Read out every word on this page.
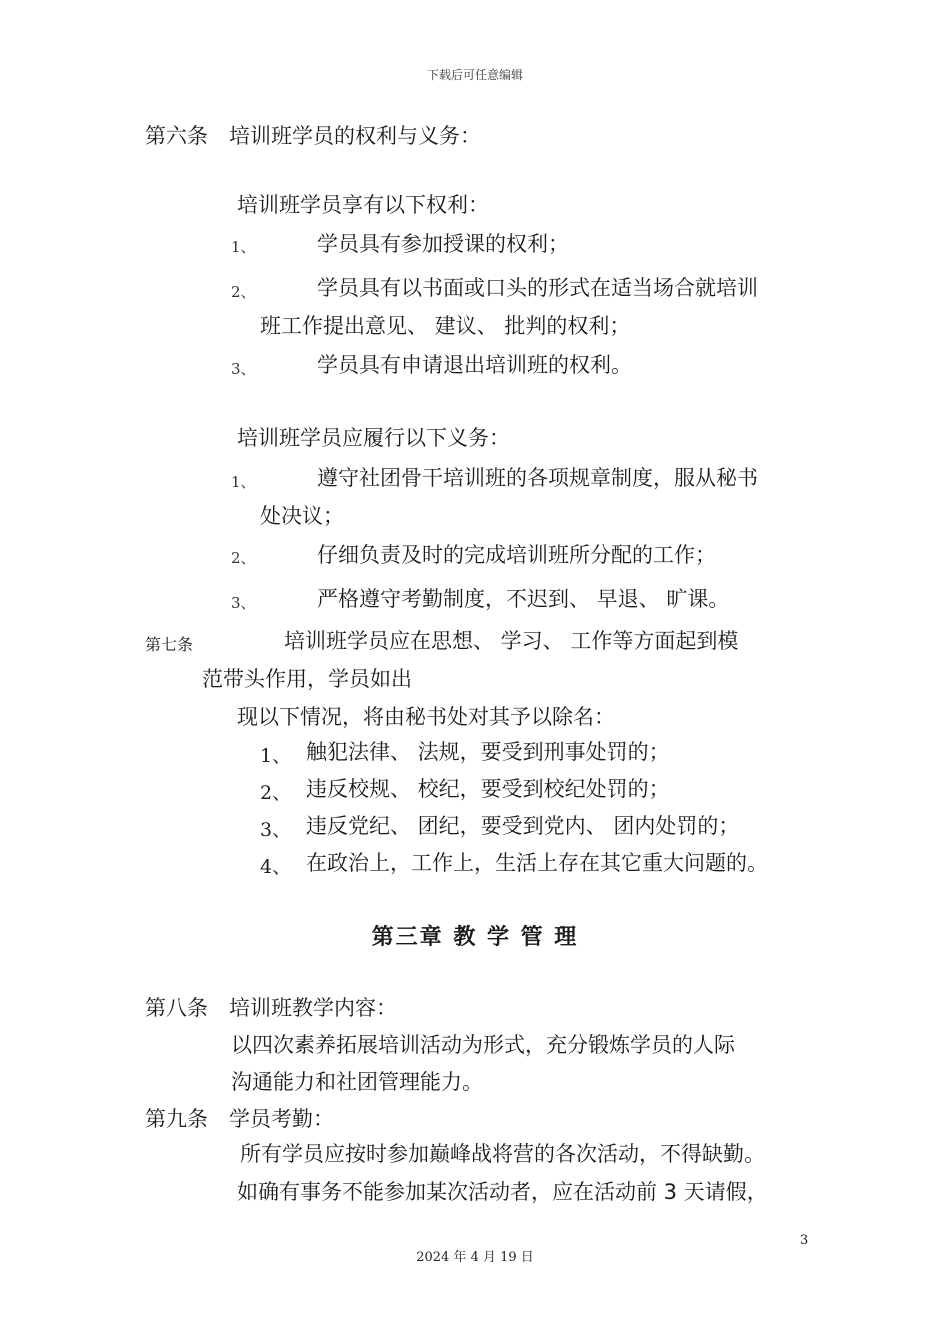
下载后可任意编辑
第六条　培训班学员的权利与义务：
培训班学员享有以下权利：
1、	学员具有参加授课的权利；
2、	学员具有以书面或口头的形式在适当场合就培训
班工作提出意见、 建议、 批判的权利；
3、	学员具有申请退出培训班的权利。
培训班学员应履行以下义务：
1、	遵守社团骨干培训班的各项规章制度，服从秘书
处决议；
2、	仔细负责及时的完成培训班所分配的工作；
3、	严格遵守考勤制度，不迟到、 早退、 旷课。
第七条	培训班学员应在思想、 学习、 工作等方面起到模
范带头作用，学员如出
现以下情况，将由秘书处对其予以除名：
1、 触犯法律、 法规，要受到刑事处罚的；
2、 违反校规、 校纪，要受到校纪处罚的；
3、 违反党纪、 团纪，要受到党内、 团内处罚的；
4、 在政治上，工作上，生活上存在其它重大问题的。
第三章 教 学 管 理
第八条　培训班教学内容：
以四次素养拓展培训活动为形式，充分锻炼学员的人际
沟通能力和社团管理能力。
第九条　学员考勤：
所有学员应按时参加巅峰战将营的各次活动，不得缺勤。
如确有事务不能参加某次活动者，应在活动前 3 天请假，
3
2024 年 4 月 19 日
